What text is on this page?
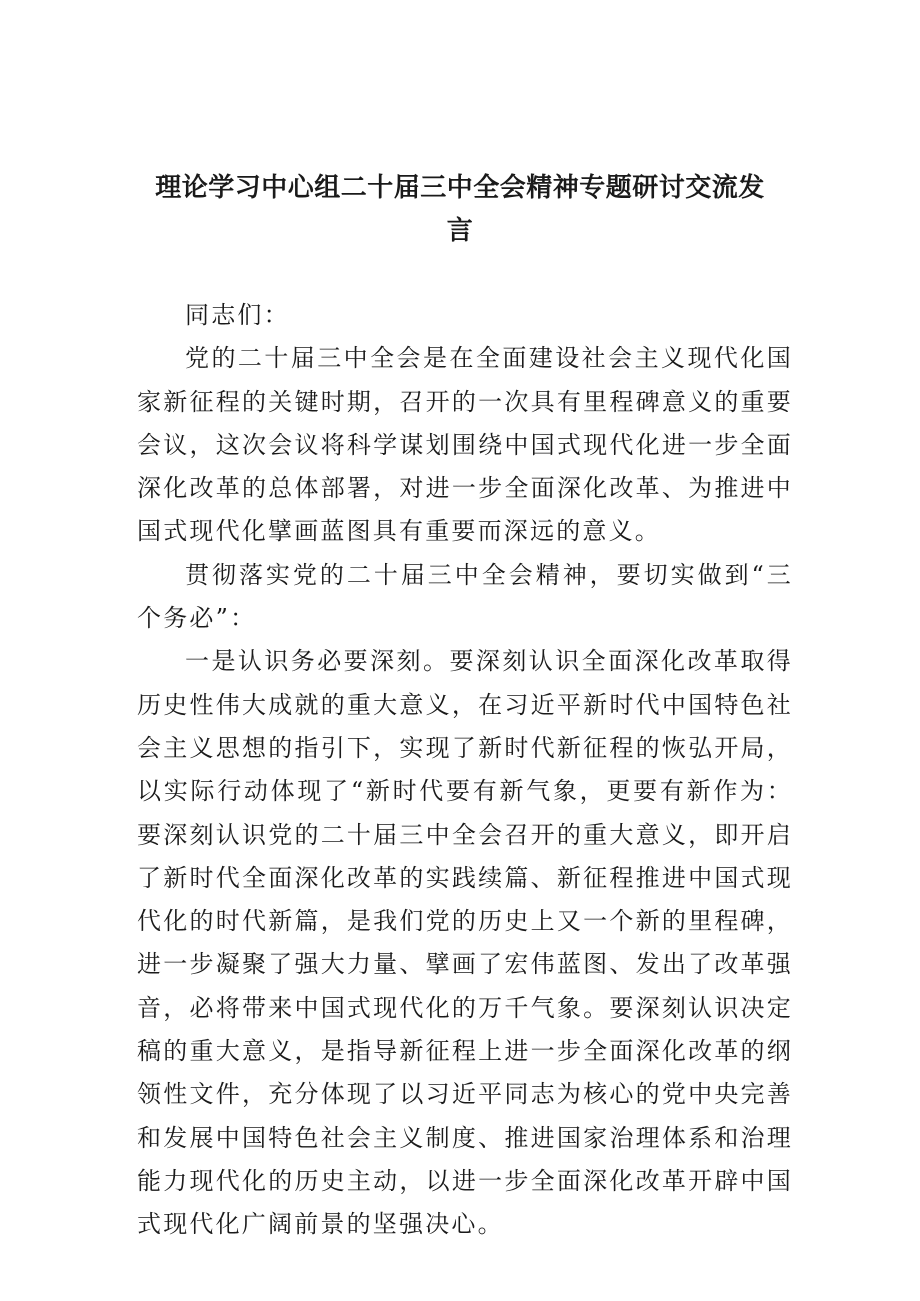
理论学习中心组二十届三中全会精神专题研讨交流发
言

同志们：

党的二十届三中全会是在全面建设社会主义现代化国家新征程的关键时期，召开的一次具有里程碑意义的重要会议，这次会议将科学谋划围绕中国式现代化进一步全面深化改革的总体部署，对进一步全面深化改革、为推进中国式现代化擘画蓝图具有重要而深远的意义。

贯彻落实党的二十届三中全会精神，要切实做到“三个务必”：

一是认识务必要深刻。要深刻认识全面深化改革取得历史性伟大成就的重大意义，在习近平新时代中国特色社会主义思想的指引下，实现了新时代新征程的恢弘开局，以实际行动体现了“新时代要有新气象，更要有新作为：要深刻认识党的二十届三中全会召开的重大意义，即开启了新时代全面深化改革的实践续篇、新征程推进中国式现代化的时代新篇，是我们党的历史上又一个新的里程碑，进一步凝聚了强大力量、擘画了宏伟蓝图、发出了改革强音，必将带来中国式现代化的万千气象。要深刻认识决定稿的重大意义，是指导新征程上进一步全面深化改革的纲领性文件，充分体现了以习近平同志为核心的党中央完善和发展中国特色社会主义制度、推进国家治理体系和治理能力现代化的历史主动，以进一步全面深化改革开辟中国式现代化广阔前景的坚强决心。
